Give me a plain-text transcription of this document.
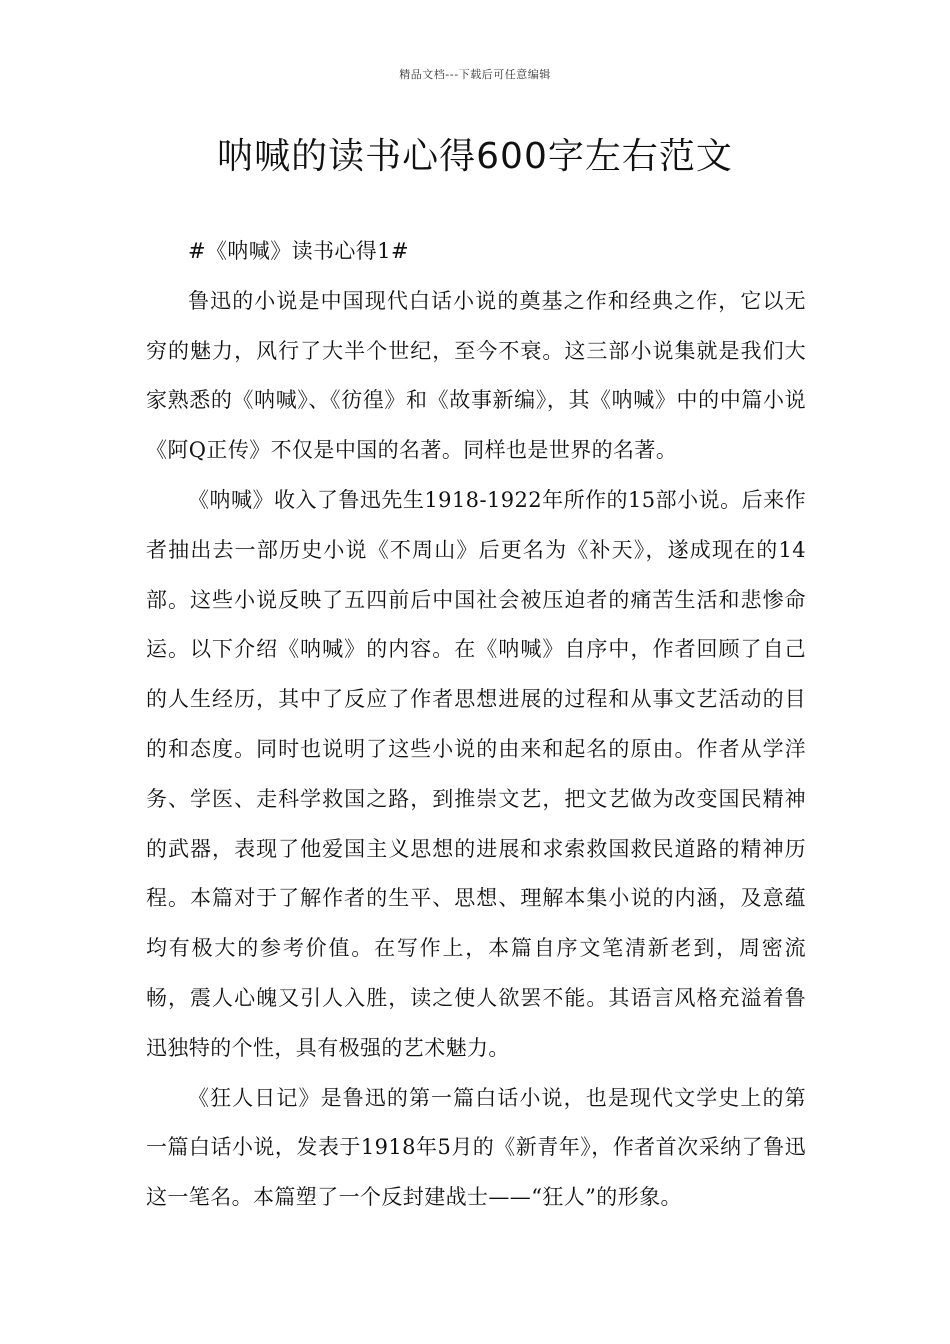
精品文档---下载后可任意编辑
呐喊的读书心得600字左右范文

#《呐喊》读书心得1#

鲁迅的小说是中国现代白话小说的奠基之作和经典之作，它以无穷的魅力，风行了大半个世纪，至今不衰。这三部小说集就是我们大家熟悉的《呐喊》、《彷徨》和《故事新编》，其《呐喊》中的中篇小说《阿Q正传》不仅是中国的名著。同样也是世界的名著。

《呐喊》收入了鲁迅先生1918-1922年所作的15部小说。后来作者抽出去一部历史小说《不周山》后更名为《补天》，遂成现在的14部。这些小说反映了五四前后中国社会被压迫者的痛苦生活和悲惨命运。以下介绍《呐喊》的内容。在《呐喊》自序中，作者回顾了自己的人生经历，其中了反应了作者思想进展的过程和从事文艺活动的目的和态度。同时也说明了这些小说的由来和起名的原由。作者从学洋务、学医、走科学救国之路，到推崇文艺，把文艺做为改变国民精神的武器，表现了他爱国主义思想的进展和求索救国救民道路的精神历程。本篇对于了解作者的生平、思想、理解本集小说的内涵，及意蕴均有极大的参考价值。在写作上，本篇自序文笔清新老到，周密流畅，震人心魄又引人入胜，读之使人欲罢不能。其语言风格充溢着鲁迅独特的个性，具有极强的艺术魅力。

《狂人日记》是鲁迅的第一篇白话小说，也是现代文学史上的第一篇白话小说，发表于1918年5月的《新青年》，作者首次采纳了鲁迅这一笔名。本篇塑了一个反封建战士——“狂人”的形象。
